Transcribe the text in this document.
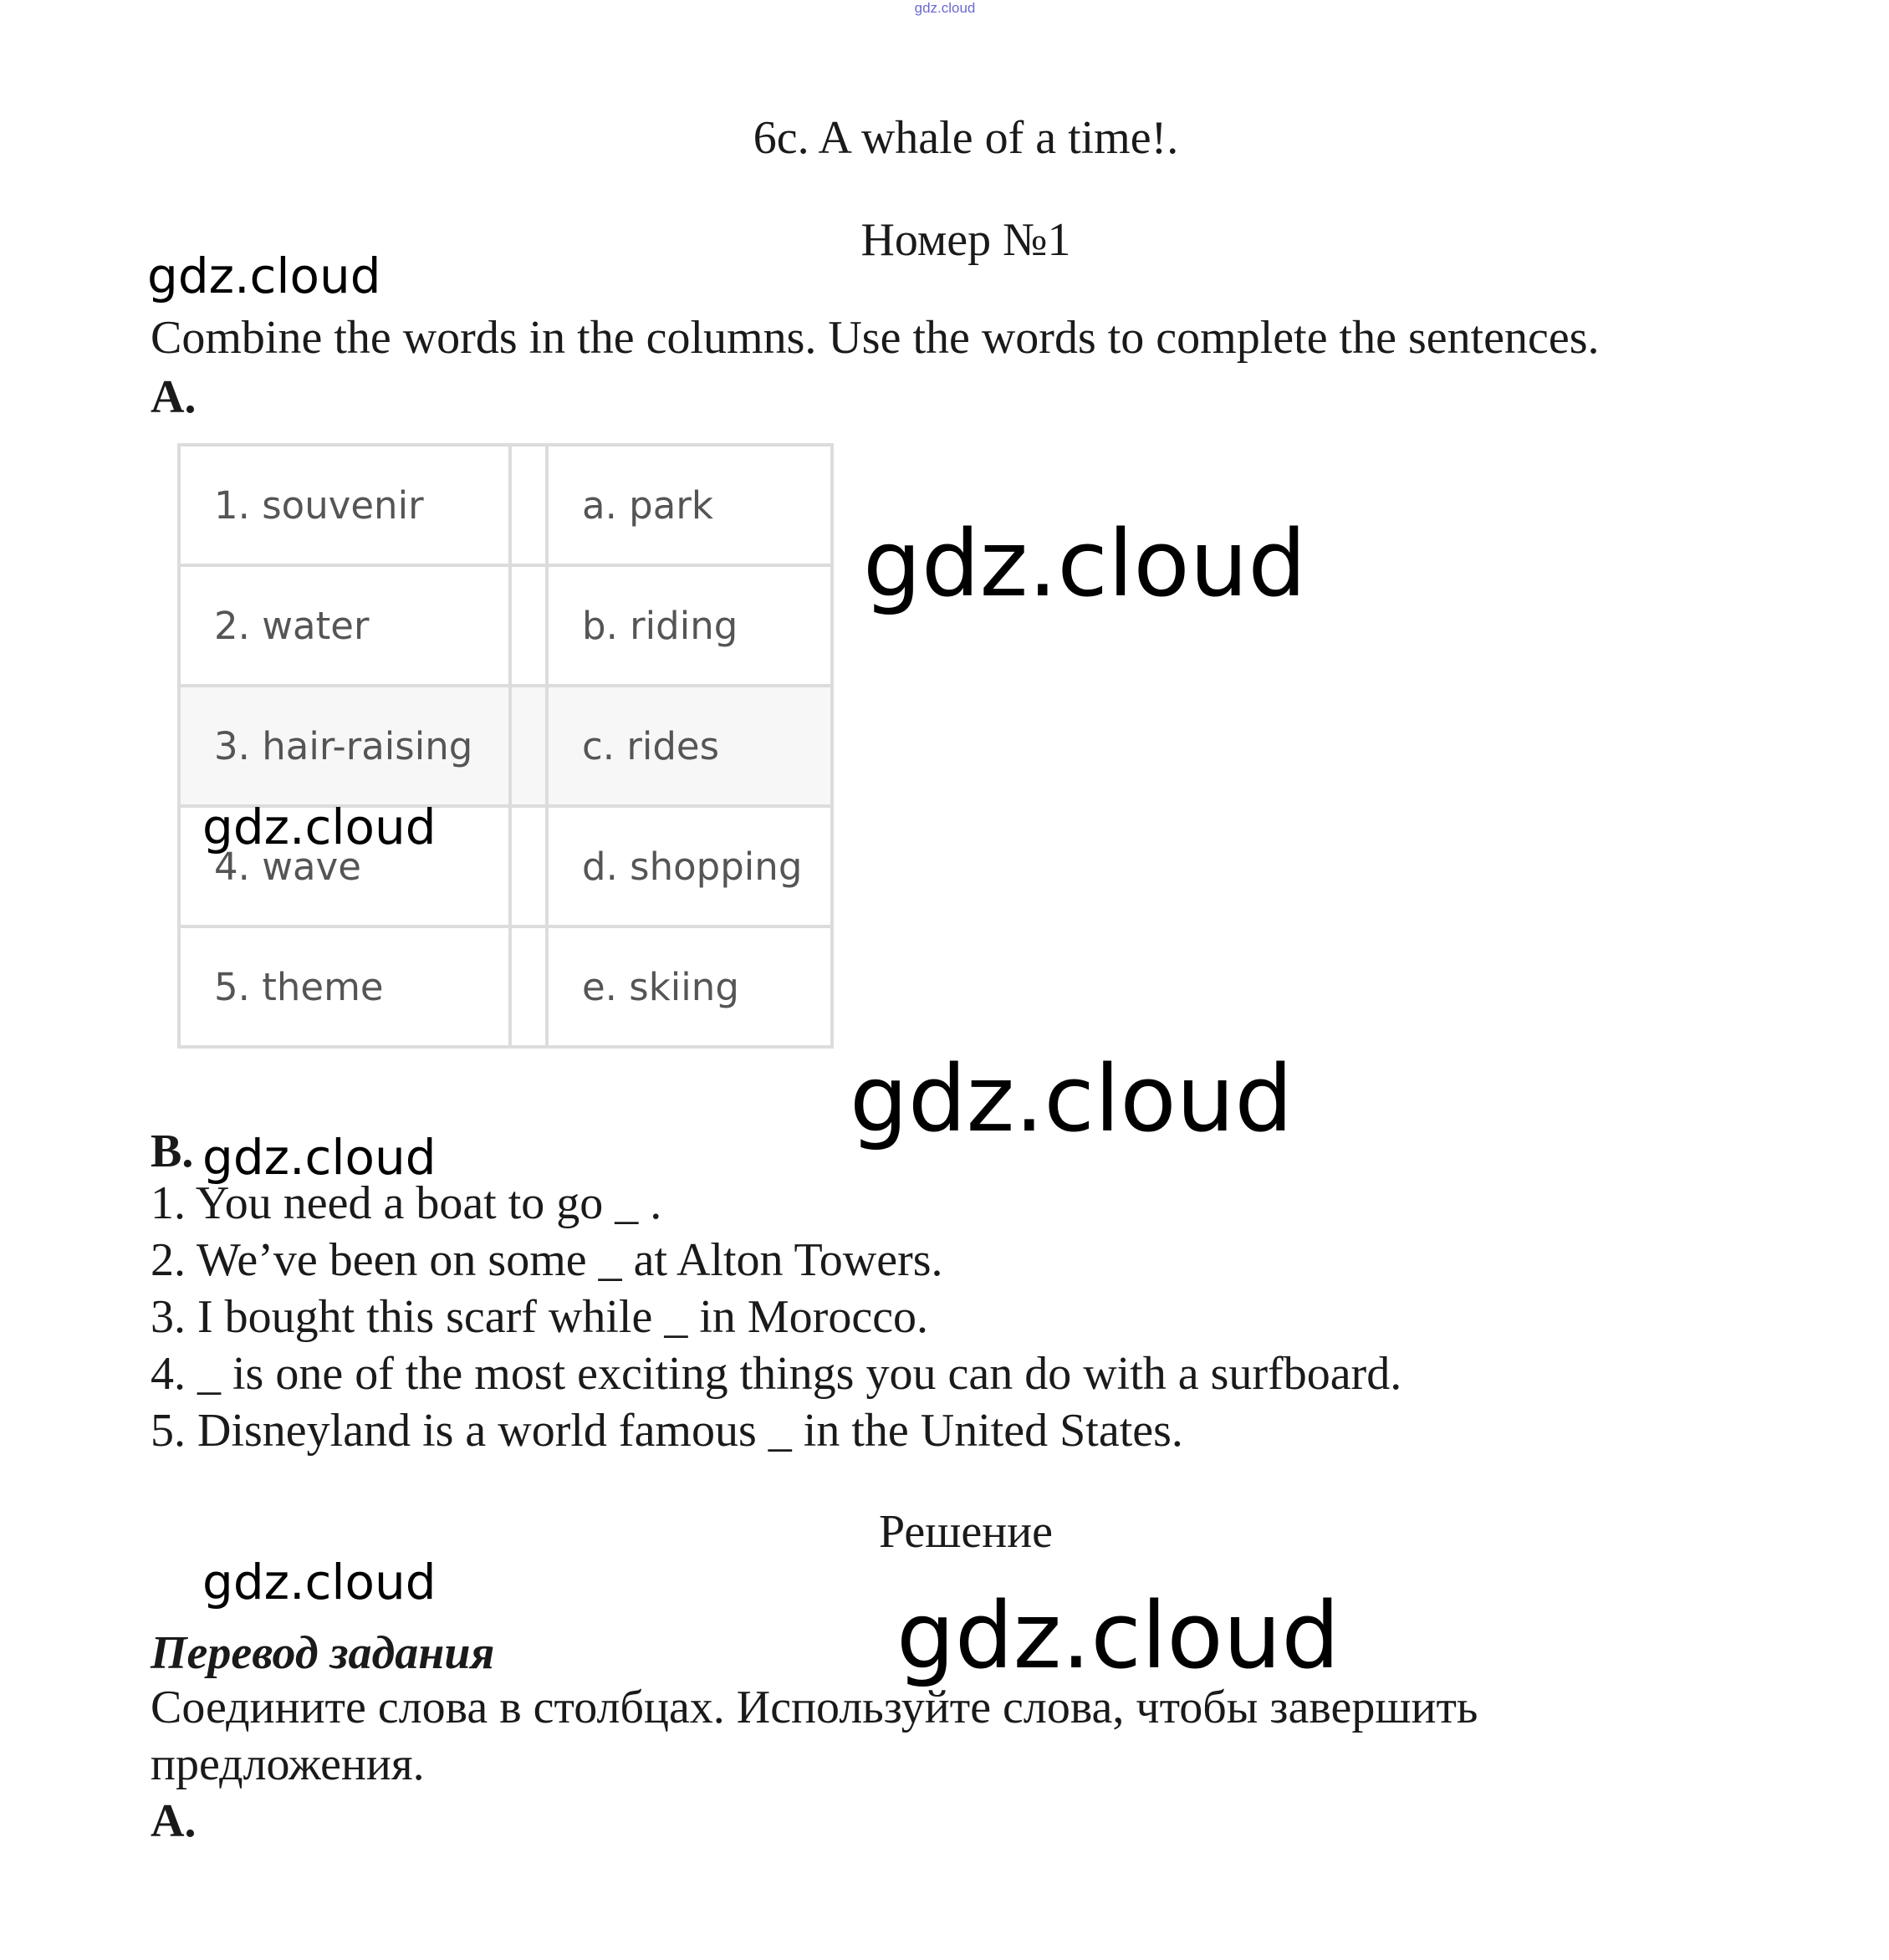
gdz.cloud
6c. A whale of a time!.
Номер №1
gdz.cloud
Combine the words in the columns. Use the words to complete the sentences.
A.
1. souvenir		a. park
2. water		b. riding
3. hair-raising		c. rides
4. wave		d. shopping
5. theme		e. skiing
gdz.cloud
gdz.cloud
gdz.cloud
B. gdz.cloud
1. You need a boat to go _ .
2. We’ve been on some _ at Alton Towers.
3. I bought this scarf while _ in Morocco.
4. _ is one of the most exciting things you can do with a surfboard.
5. Disneyland is a world famous _ in the United States.
Решение
gdz.cloud	gdz.cloud
Перевод задания
Соедините слова в столбцах. Используйте слова, чтобы завершить
предложения.
A.
